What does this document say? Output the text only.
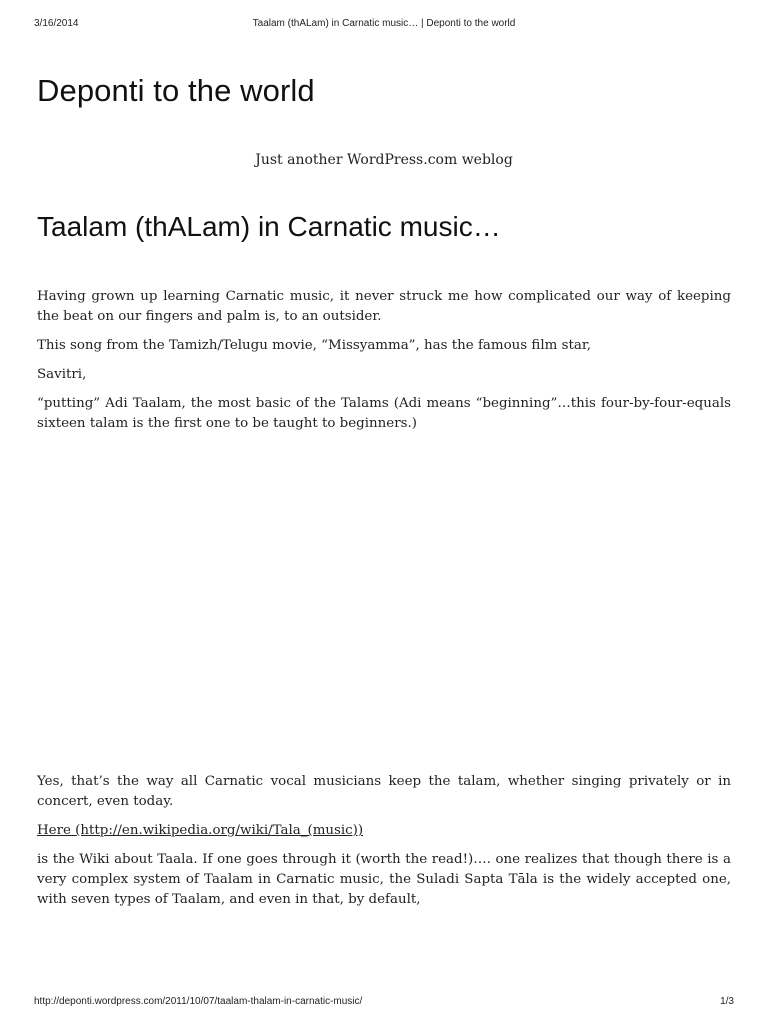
3/16/2014	Taalam (thALam) in Carnatic music… | Deponti to the world
Deponti to the world
Just another WordPress.com weblog
Taalam (thALam) in Carnatic music…

Having grown up learning Carnatic music, it never struck me how complicated our way of keeping the beat on our fingers and palm is, to an outsider.

This song from the Tamizh/Telugu movie, “Missyamma”, has the famous film star,

Savitri,

“putting” Adi Taalam, the most basic of the Talams (Adi means “beginning”…this four-by-four-equals sixteen talam is the first one to be taught to beginners.)

Yes, that’s the way all Carnatic vocal musicians keep the talam, whether singing privately or in concert, even today.

Here (http://en.wikipedia.org/wiki/Tala_(music))

is the Wiki about Taala. If one goes through it (worth the read!)…. one realizes that though there is a very complex system of Taalam in Carnatic music, the Suladi Sapta Tāla is the widely accepted one, with seven types of Taalam, and even in that, by default,

http://deponti.wordpress.com/2011/10/07/taalam-thalam-in-carnatic-music/	1/3
